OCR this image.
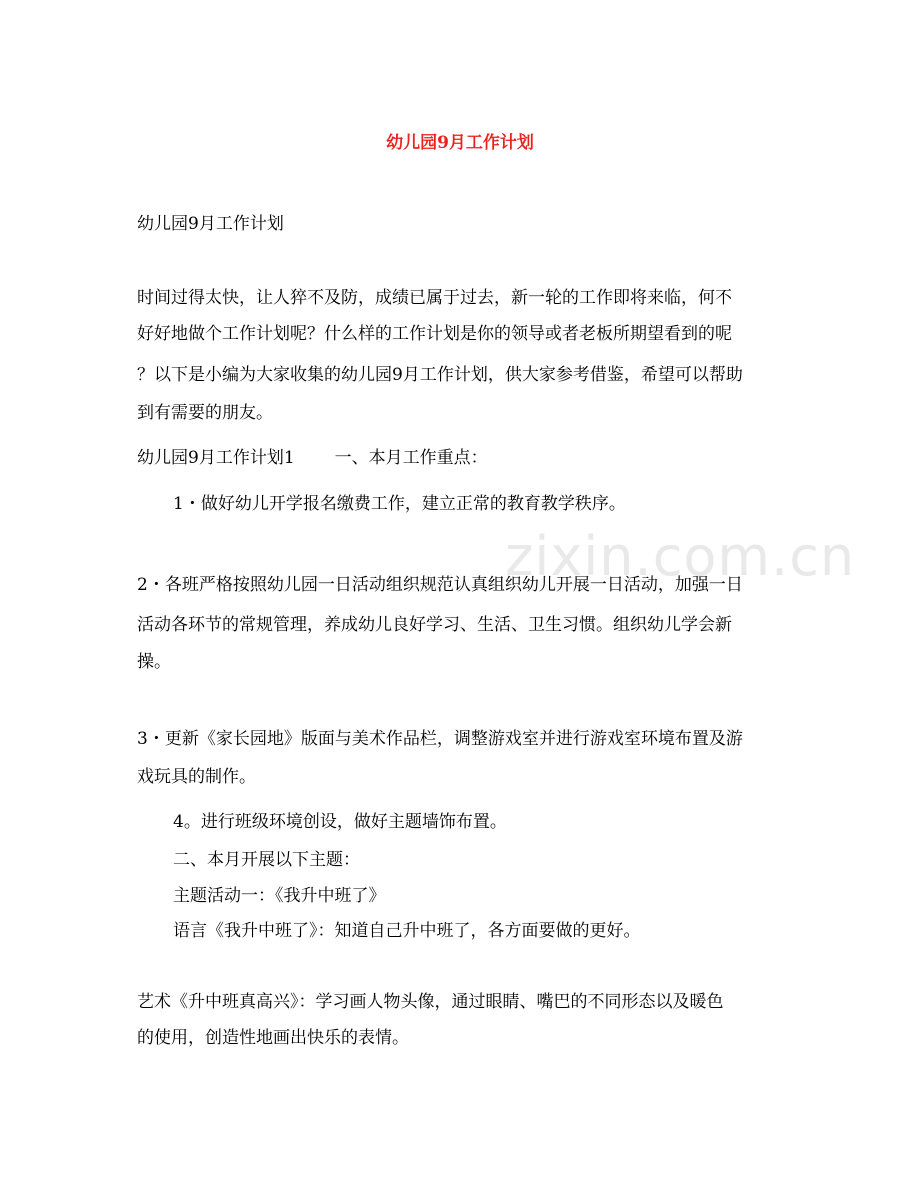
zixin.com.cn
幼儿园9月工作计划
幼儿园9月工作计划
时间过得太快，让人猝不及防，成绩已属于过去，新一轮的工作即将来临，何不
好好地做个工作计划呢？什么样的工作计划是你的领导或者老板所期望看到的呢
？以下是小编为大家收集的幼儿园9月工作计划，供大家参考借鉴，希望可以帮助
到有需要的朋友。
幼儿园9月工作计划1 一、本月工作重点：
1・做好幼儿开学报名缴费工作，建立正常的教育教学秩序。
2・各班严格按照幼儿园一日活动组织规范认真组织幼儿开展一日活动，加强一日
活动各环节的常规管理，养成幼儿良好学习、生活、卫生习惯。组织幼儿学会新
操。
3・更新《家长园地》版面与美术作品栏，调整游戏室并进行游戏室环境布置及游
戏玩具的制作。
4。进行班级环境创设，做好主题墙饰布置。
二、本月开展以下主题：
主题活动一：《我升中班了》
语言《我升中班了》：知道自己升中班了，各方面要做的更好。
艺术《升中班真高兴》：学习画人物头像，通过眼睛、嘴巴的不同形态以及暖色
的使用，创造性地画出快乐的表情。
